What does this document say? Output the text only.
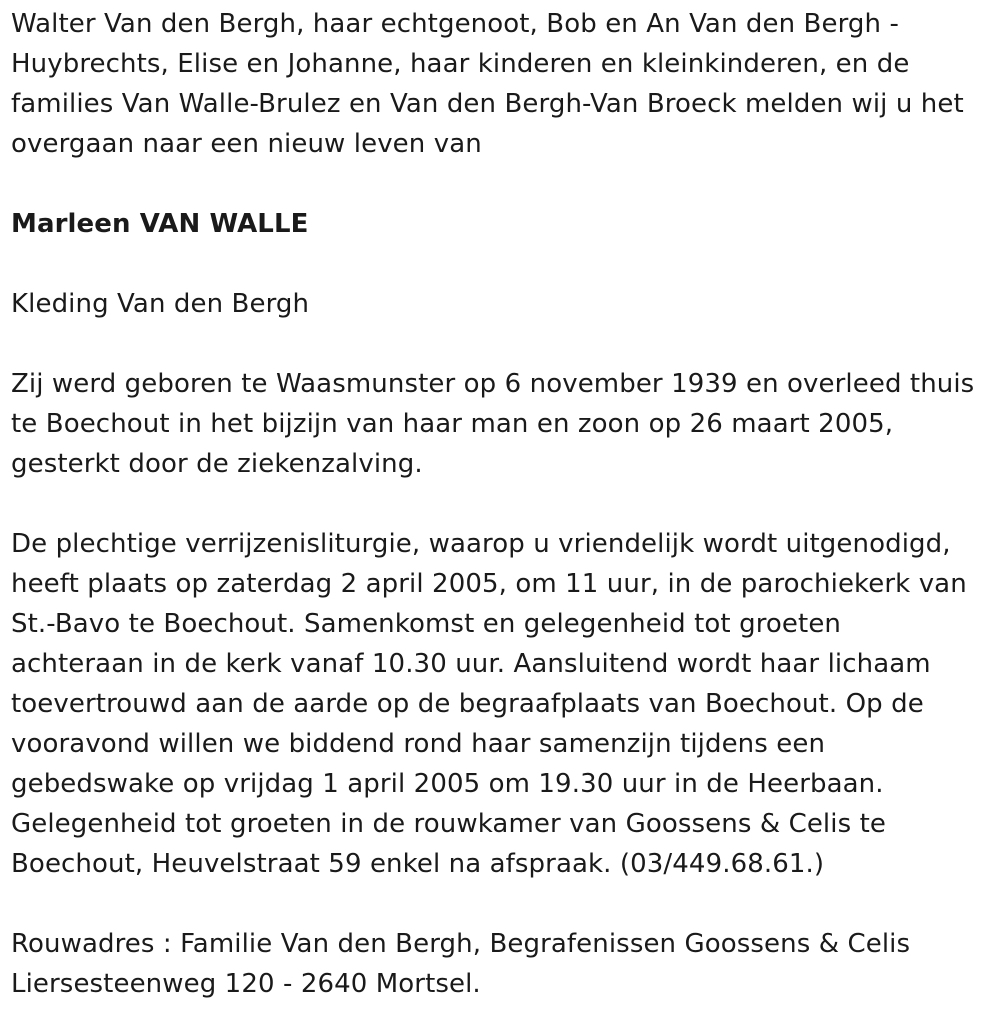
Walter Van den Bergh, haar echtgenoot, Bob en An Van den Bergh -
Huybrechts, Elise en Johanne, haar kinderen en kleinkinderen, en de
families Van Walle-Brulez en Van den Bergh-Van Broeck melden wij u het
overgaan naar een nieuw leven van
Marleen VAN WALLE
Kleding Van den Bergh
Zij werd geboren te Waasmunster op 6 november 1939 en overleed thuis
te Boechout in het bijzijn van haar man en zoon op 26 maart 2005,
gesterkt door de ziekenzalving.
De plechtige verrijzenisliturgie, waarop u vriendelijk wordt uitgenodigd,
heeft plaats op zaterdag 2 april 2005, om 11 uur, in de parochiekerk van
St.-Bavo te Boechout. Samenkomst en gelegenheid tot groeten
achteraan in de kerk vanaf 10.30 uur. Aansluitend wordt haar lichaam
toevertrouwd aan de aarde op de begraafplaats van Boechout. Op de
vooravond willen we biddend rond haar samenzijn tijdens een
gebedswake op vrijdag 1 april 2005 om 19.30 uur in de Heerbaan.
Gelegenheid tot groeten in de rouwkamer van Goossens & Celis te
Boechout, Heuvelstraat 59 enkel na afspraak. (03/449.68.61.)
Rouwadres : Familie Van den Bergh, Begrafenissen Goossens & Celis
Liersesteenweg 120 - 2640 Mortsel.
